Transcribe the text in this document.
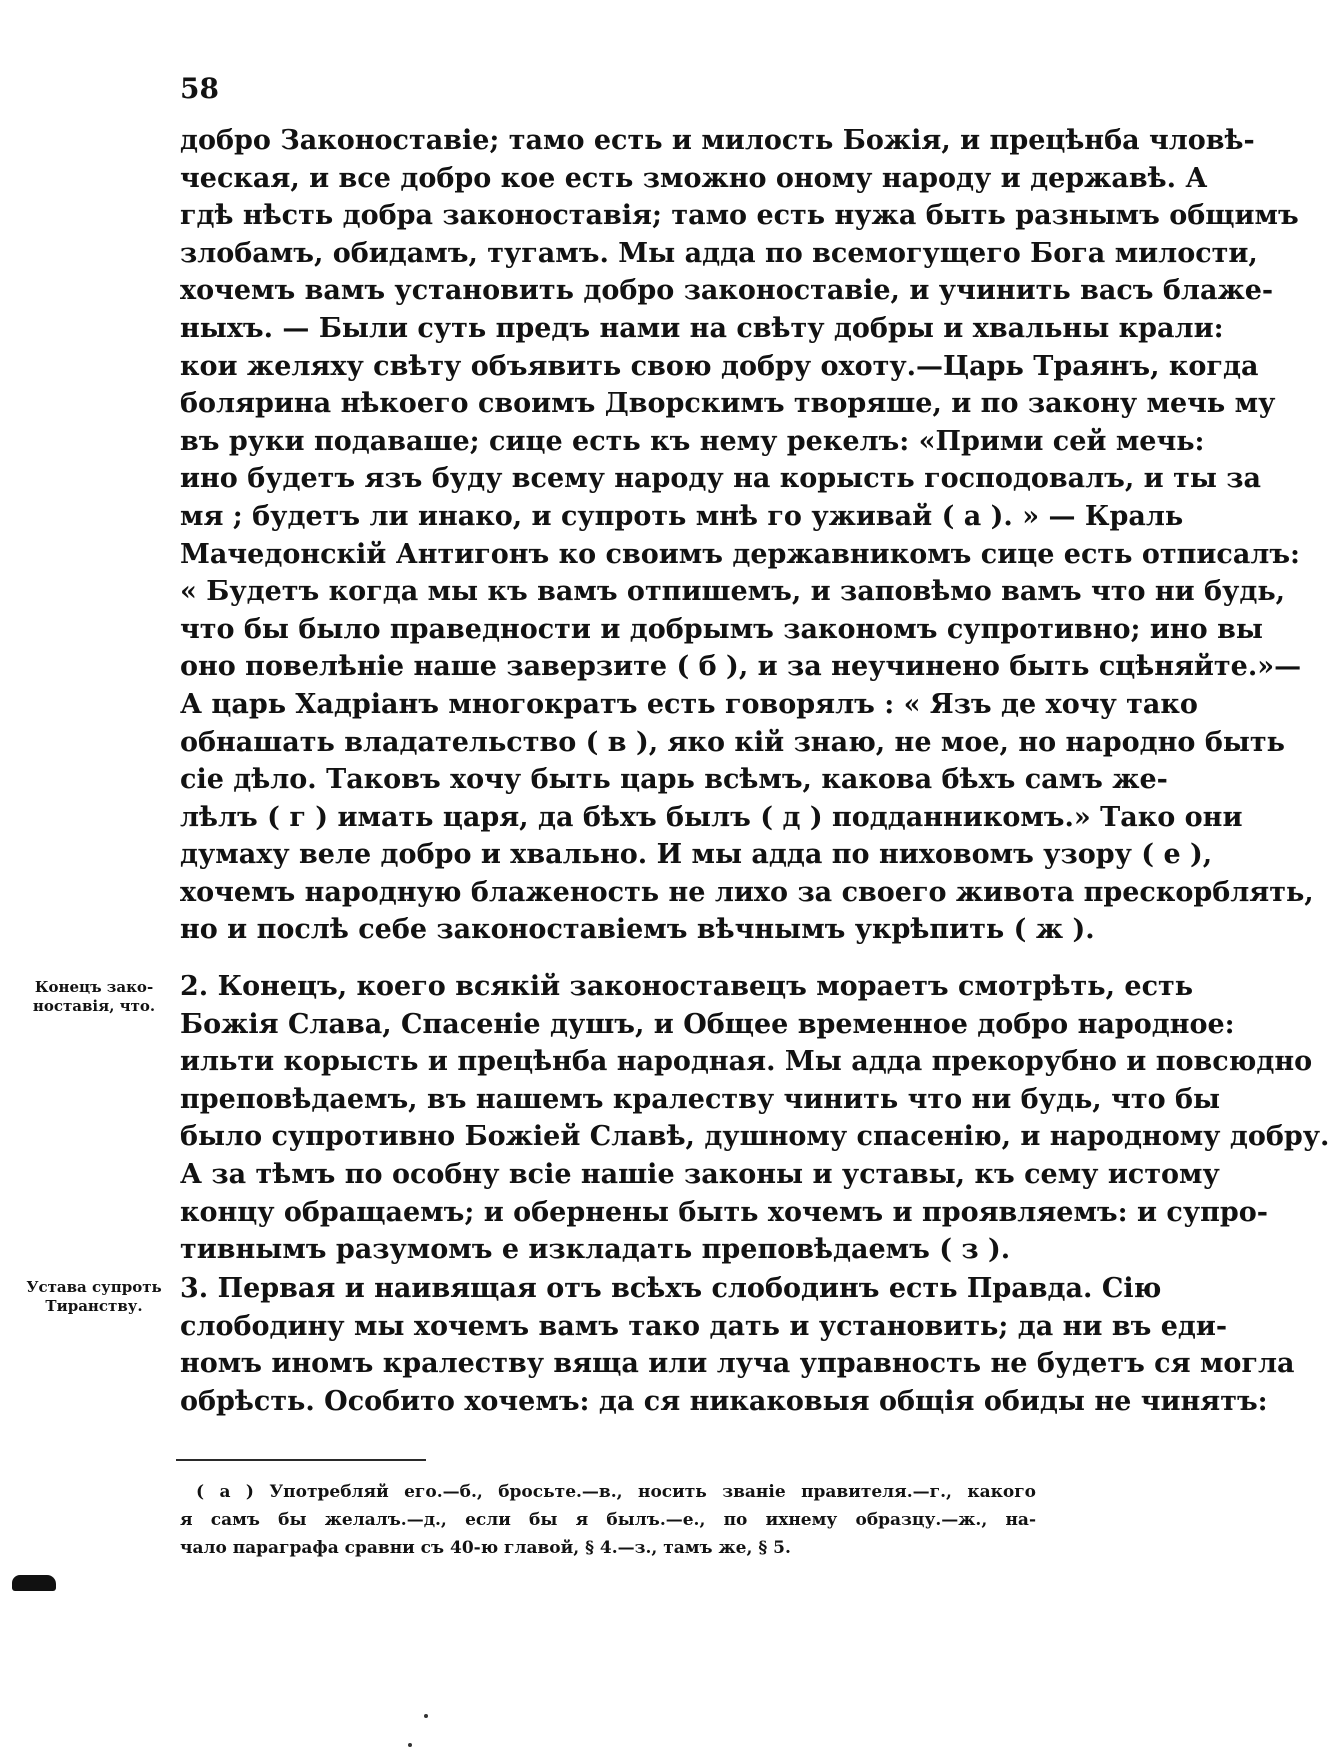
58
добро Законоставіе; тамо есть и милость Божія, и прецѣнба чловѣ-
ческая, и все добро кое есть зможно оному народу и державѣ. А
гдѣ нѣсть добра законоставія; тамо есть нужа быть разнымъ общимъ
злобамъ, обидамъ, тугамъ. Мы адда по всемогущего Бога милости,
хочемъ вамъ установить добро законоставіе, и учинить васъ блаже-
ныхъ. — Были суть предъ нами на свѣту добры и хвальны крали:
кои желяху свѣту объявить свою добру охоту.—Царь Траянъ, когда
болярина нѣкоего своимъ Дворскимъ творяше, и по закону мечь му
въ руки подаваше; сице есть къ нему рекелъ: «Прими сей мечь:
ино будетъ язъ буду всему народу на корысть господовалъ, и ты за
мя ; будетъ ли инако, и супроть мнѣ го уживай ( а ). » — Краль
Мачедонскій Антигонъ ко своимъ державникомъ сице есть отписалъ:
« Будетъ когда мы къ вамъ отпишемъ, и заповѣмо вамъ что ни будь,
что бы было праведности и добрымъ закономъ супротивно; ино вы
оно повелѣніе наше заверзите ( б ), и за неучинено быть сцѣняйте.»—
А царь Хадріанъ многократъ есть говорялъ : « Язъ де хочу тако
обнашать владательство ( в ), яко кій знаю, не мое, но народно быть
сіе дѣло. Таковъ хочу быть царь всѣмъ, какова бѣхъ самъ же-
лѣлъ ( г ) имать царя, да бѣхъ былъ ( д ) подданникомъ.» Тако они
думаху веле добро и хвально. И мы адда по ниховомъ узору ( е ),
хочемъ народную блаженость не лихо за своего живота прескорблять,
но и послѣ себе законоставіемъ вѣчнымъ укрѣпить ( ж ).
Конецъ зако-
ноставія, что.
2. Конецъ, коего всякій законоставецъ мораетъ смотрѣть, есть
Божія Слава, Спасеніе душъ, и Общее временное добро народное:
ильти корысть и прецѣнба народная. Мы адда прекорубно и повсюдно
преповѣдаемъ, въ нашемъ кралеству чинить что ни будь, что бы
было супротивно Божіей Славѣ, душному спасенію, и народному добру.
А за тѣмъ по особну всіе нашіе законы и уставы, къ сему истому
концу обращаемъ; и обернены быть хочемъ и проявляемъ: и супро-
тивнымъ разумомъ е изкладать преповѣдаемъ ( з ).
Устава супроть
Тиранству.
3. Первая и наивящая отъ всѣхъ слободинъ есть Правда. Сію
слободину мы хочемъ вамъ тако дать и установить; да ни въ еди-
номъ иномъ кралеству вяща или луча управность не будетъ ся могла
обрѣсть. Особито хочемъ: да ся никаковыя общія обиды не чинятъ:
( а ) Употребляй его.—б., бросьте.—в., носить званіе правителя.—г., какого
я самъ бы желалъ.—д., если бы я былъ.—е., по ихнему образцу.—ж., на-
чало параграфа сравни съ 40-ю главой, § 4.—з., тамъ же, § 5.
